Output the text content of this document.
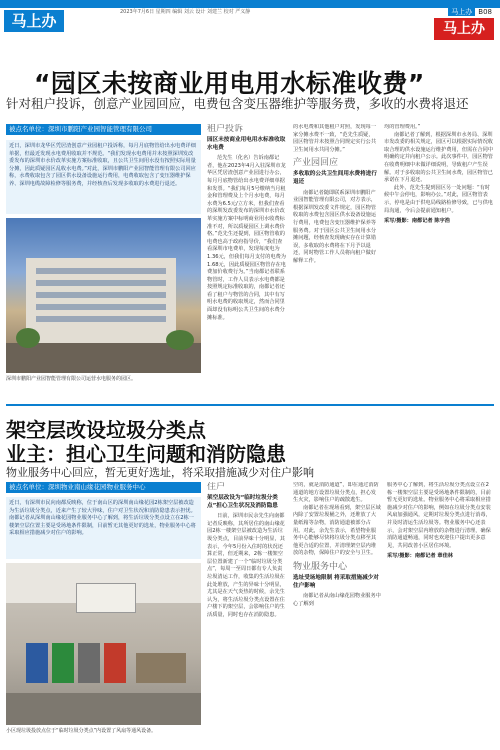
马上办	2023年7月6日 星期四 编辑 刘云 设计 刘建兰 校对 严义静	马上办 B08
马上办
“园区未按商业用电用水标准收费”
针对租户投诉，创意产业园回应，电费包含变压器维护等服务费，多收的水费将退还
被点名单位：深圳市鹏阳产业园智能管理有限公司
近日，深圳市龙华区凭居渣创意产业园租户投诉称，每月月底物管给出水电费详细单据，但最近发现水电费用收取并不规范。“我们发现水电费用并未按照深圳发改委发布的深圳市水价改革实施方案标准收取，且公共卫生间用水没有按照实际用量分摊，因此质疑园区乱收水电费。”对此，深圳市鹏阳产业园智能管理有限公司回应称，水费收取包含了园区供水设备设施运行费用，电费收取包含了变压器维护保养、深圳电缆故障检修等服务费，并经核查后发现多收取的水费进行退还。
深圳市鹏阳产业园智能管理有限公司运营水电服务的园区。
租户投诉
园区未按商业用电用水标准收取水电费
范先生（化名）告诉南都记者，他在2023年4月入驻深圳市龙华区凭居渣创意产业园进行办公，每月月底物管给出水电费详细单据和发票。“我们每月5号缴纳当月租金和管理费及上个月水电费，每月水费为6.5元/立方米，但我们查看的深圳发改委发布的深圳市水价改革实施方案中标明商业用水收费标准不对，所以质疑园区上调水费价格。”范先生还提到，园区物管收的电费也高于政府指导价，“我们查看深圳市电费单，发现每度电为1.36元，但我们每月支付的电费为1.68元，因此质疑园区物管存在电费加价收费行为。”当南都记者联系物管时，工作人员表示水电费都是按照规定标准收取的，南都记者还看了租户与物管的合同，其中有写明水电费的收取规定，然而合同里面却没有标明公共卫生间的水费分摊标准。
的水电费和其他租户对照，发现每一家分摊水费不一致，“范先生质疑，园区物管并未按照合同规定实行公共卫生间用水共同分摊。”
产业园回应
多收取的公共卫生间用水费将进行退还
南都记者随即联系深圳市鹏阳产业园智能管理有限公司，对方表示，根据深圳发改委文件规定，园区物管收取的水费包含园区供水设备设施运行费用，电费包含变压器维护保养等服务费。对于园区公共卫生间用水分摊问题，经核查发现确实存在计算错误，多收取的水费将在下月予以退还，同时物管工作人员将向租户做好解释工作。
均的管理费用。”
南都记者了解到，根据深圳市水务局、深圳市发改委的相关规定，园区可以根据实际情况收取合理的供水设施运行维护费用，但需在合同中明确约定并向租户公示。此次事件中，园区物管在收费明细中未做详细说明，导致租户产生误解。对于多收取的公共卫生间水费，园区物管已承诺在下月退还。
此外，范先生提到园区另一处问题：“有时候中午会停电，影响办公。”对此，园区物管表示，停电是由于供电局线路检修导致，已与供电局沟通，今后会提前通知租户。
采写/摄影：南都记者 陈宇浩
架空层改设垃圾分类点
业主：担心卫生问题和消防隐患
物业服务中心回应，暂无更好选址，将采取措施减少对住户影响
被点名单位：深圳物业南山缘花园物业服务中心
近日，有深圳市民向南都反映称，位于南山区的深圳南山缘花园2栋架空层被改造为生活垃圾分类点，近来产生了较大异味，住户对卫生状况和消防隐患表示担忧。南都记者从深圳南山缘花园物业服务中心了解到，将生活垃圾分类点设立在2栋一楼架空层位置主要是受场地条件限制，目前暂无其他更好的选址，物业服务中心将采取相应措施减少对住户的影响。
小区现垃圾投放点位于“临时垃圾分类点”内设置了风扇等通风设备。
住户
架空层改设为“临时垃圾分类点”担心卫生状况及消防隐患
日前，深圳市民余先生向南都记者反映称，其所居住的南山缘花园2栋一楼架空层被改造为生活垃圾分类点，目前异味十分明显，其表示，今年5月份入住时的状况还算正常，但近期来，2栋一楼架空层位置新建了一个“临时垃圾分类点”，每周一至周日都有专人负责垃圾清运工作，收集的生活垃圾在此处堆放，产生的异味十分明显，尤其是在天气炎热的时候，余先生认为，将生活垃圾分类点设置在住户楼下的架空层，会影响住户的生活质量，同时也存在消防隐患。
空的，就是消防通道”，即在通过消防通道的地方设置垃圾分类点，担心发生火灾，影响住户的疏散逃生。
南都记者在现场看到，架空层区域内除了安置垃圾桶之外，还堆放了大量纸箱等杂物，消防通道被部分占用。对此，余先生表示，希望物业服务中心能够尽快将垃圾分类点移至其他更合适的位置，并清理架空层内堆放的杂物，保障住户的安全与卫生。
物业服务中心
选址受场地限制 将采取措施减少对住户影响
南都记者从南山缘花园物业服务中心了解到
服务中心了解到，将生活垃圾分类点设立在2栋一楼架空层主要是受场地条件限制的，目前暂无更好的选址。物业服务中心将采取相应措施减少对住户的影响，例如在垃圾分类点安装风扇加强通风，定期对垃圾分类点进行消毒，并及时清运生活垃圾等。物业服务中心还表示，会对架空层内堆放的杂物进行清理，确保消防通道畅通，同时也欢迎住户提出更多意见，共同改善小区居住环境。
采写/摄影：南都记者 章佳林
